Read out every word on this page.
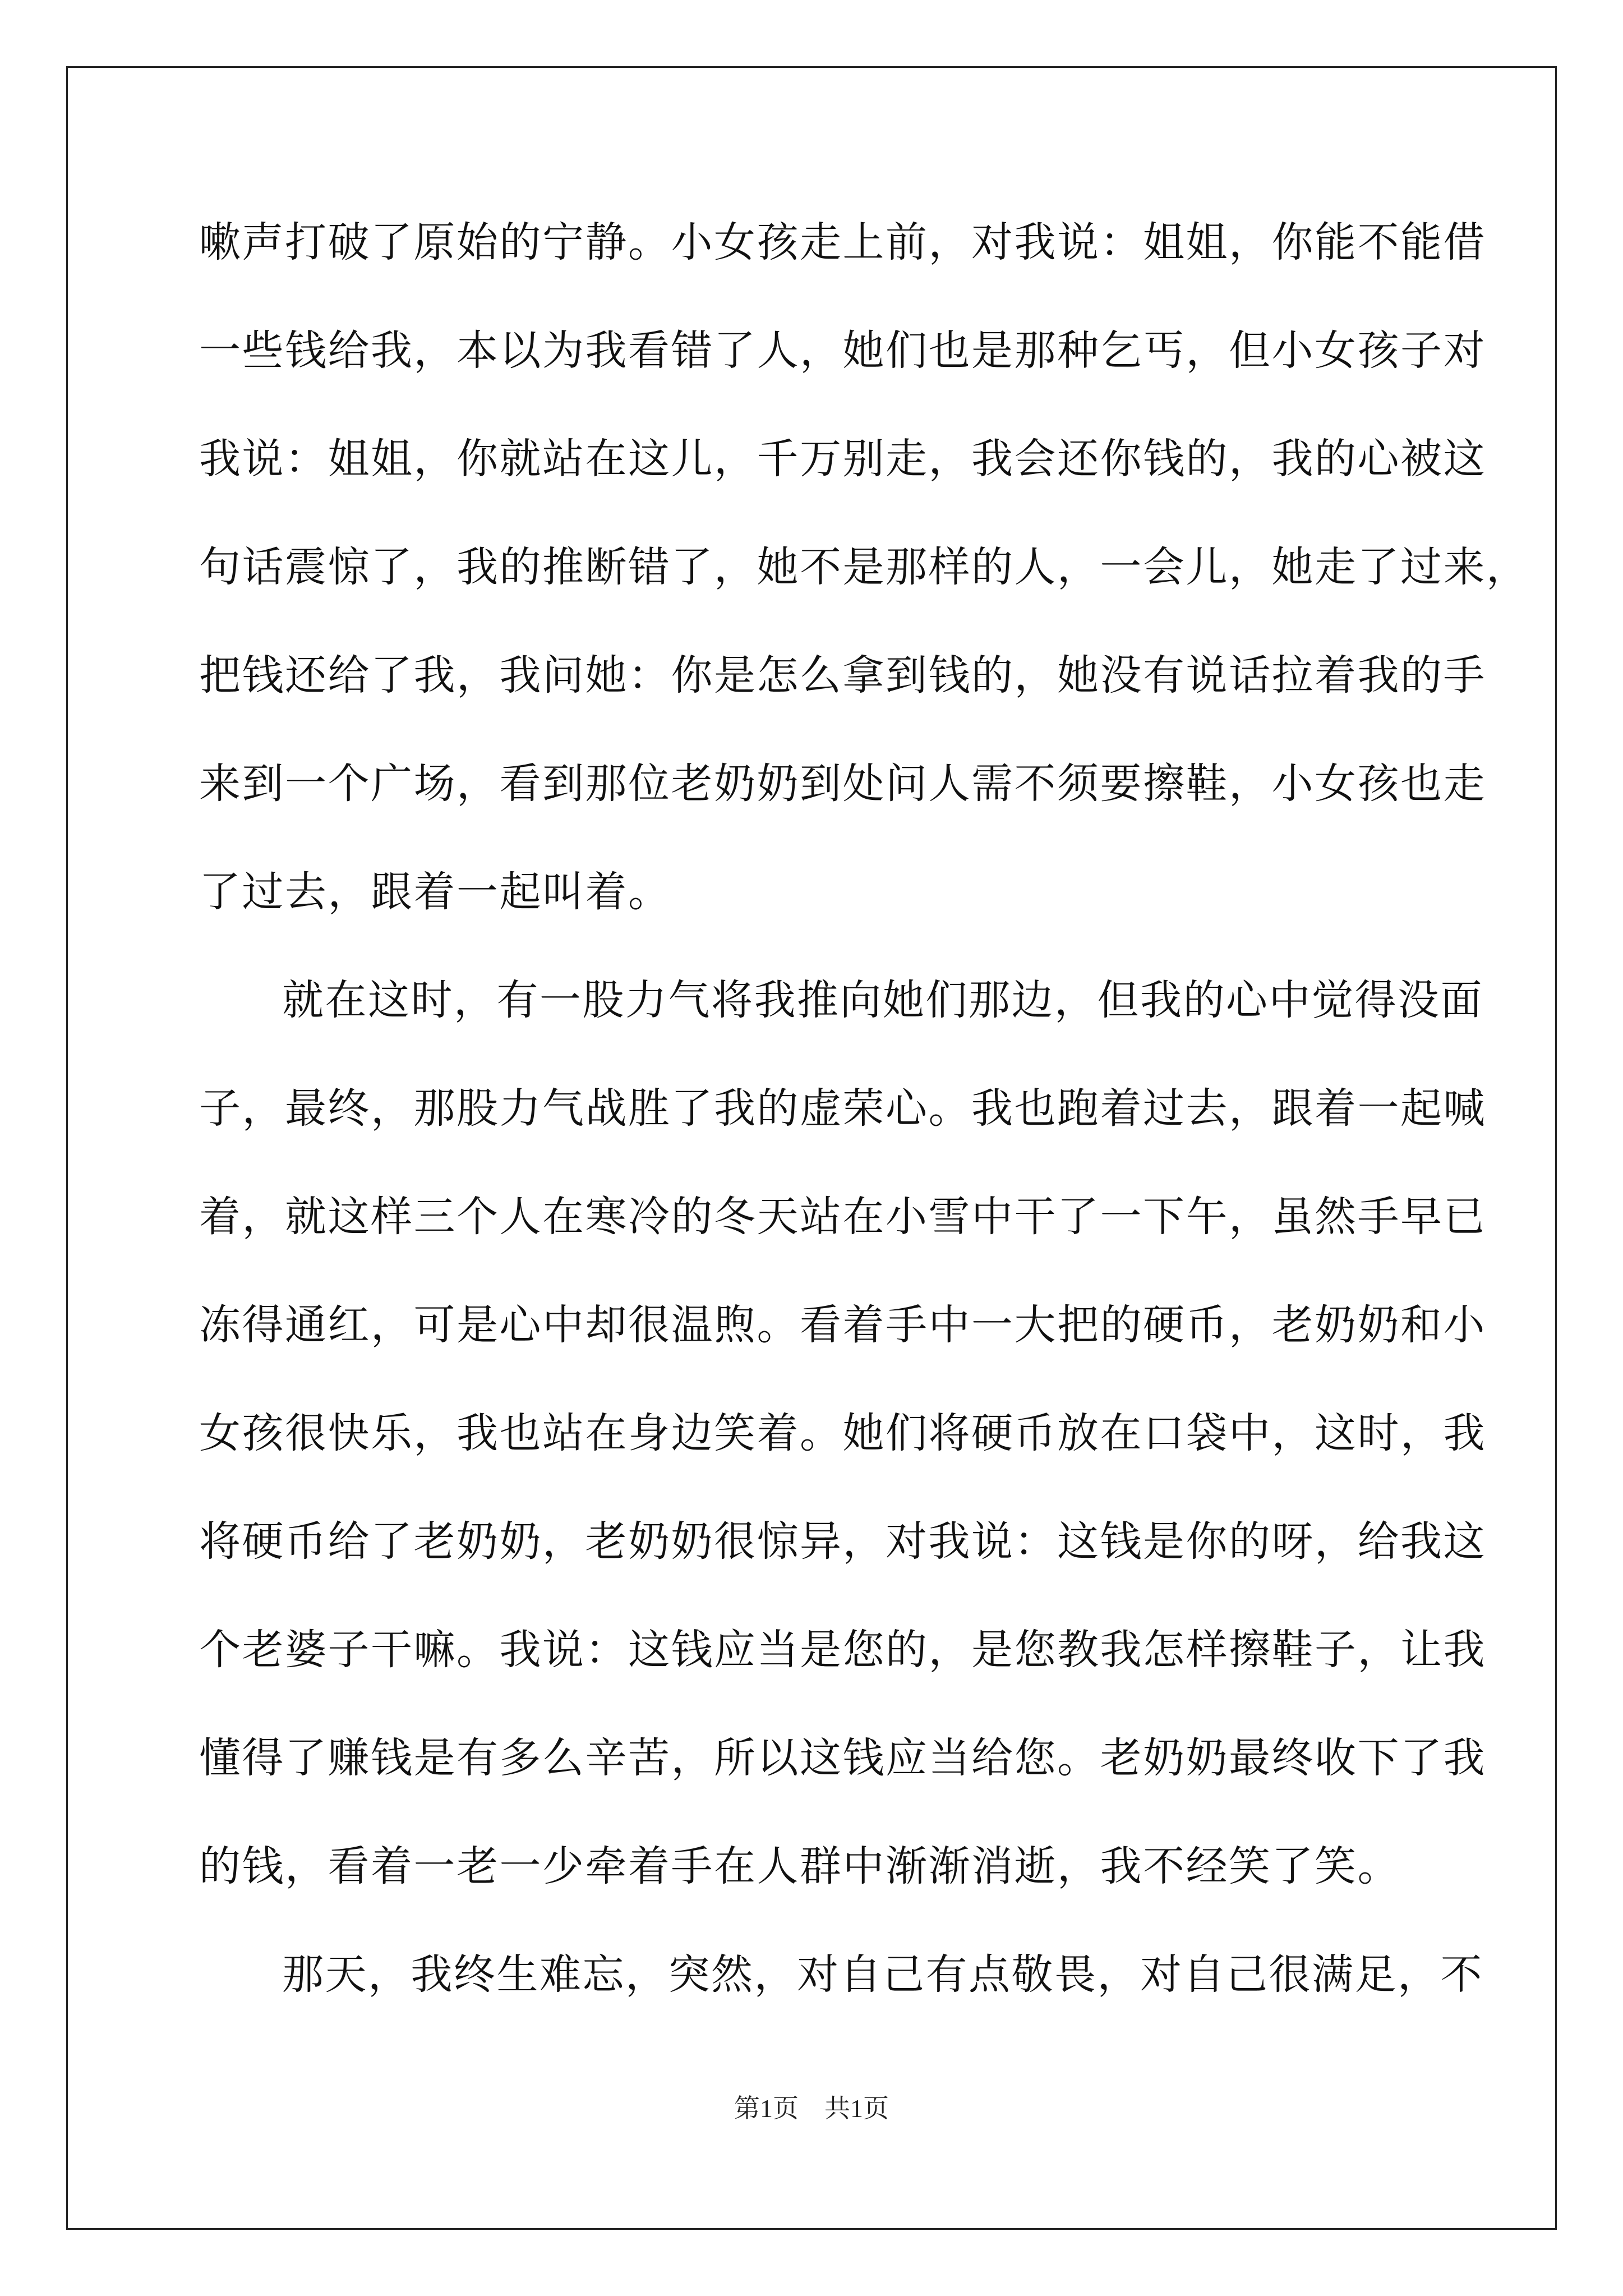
嗽声打破了原始的宁静。小女孩走上前，对我说：姐姐，你能不能借
一些钱给我，本以为我看错了人，她们也是那种乞丐，但小女孩子对
我说：姐姐，你就站在这儿，千万别走，我会还你钱的，我的心被这
句话震惊了，我的推断错了，她不是那样的人，一会儿，她走了过来，
把钱还给了我，我问她：你是怎么拿到钱的，她没有说话拉着我的手
来到一个广场，看到那位老奶奶到处问人需不须要擦鞋，小女孩也走
了过去，跟着一起叫着。
就在这时，有一股力气将我推向她们那边，但我的心中觉得没面
子，最终，那股力气战胜了我的虚荣心。我也跑着过去，跟着一起喊
着，就这样三个人在寒冷的冬天站在小雪中干了一下午，虽然手早已
冻得通红，可是心中却很温煦。看着手中一大把的硬币，老奶奶和小
女孩很快乐，我也站在身边笑着。她们将硬币放在口袋中，这时，我
将硬币给了老奶奶，老奶奶很惊异，对我说：这钱是你的呀，给我这
个老婆子干嘛。我说：这钱应当是您的，是您教我怎样擦鞋子，让我
懂得了赚钱是有多么辛苦，所以这钱应当给您。老奶奶最终收下了我
的钱，看着一老一少牵着手在人群中渐渐消逝，我不经笑了笑。
那天，我终生难忘，突然，对自己有点敬畏，对自己很满足，不
第1页　共1页
